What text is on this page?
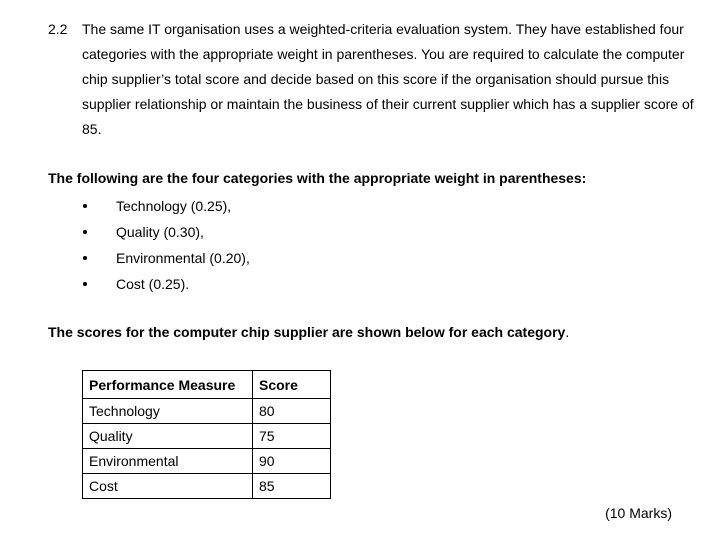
2.2 The same IT organisation uses a weighted-criteria evaluation system. They have established four categories with the appropriate weight in parentheses. You are required to calculate the computer chip supplier’s total score and decide based on this score if the organisation should pursue this supplier relationship or maintain the business of their current supplier which has a supplier score of 85.
The following are the four categories with the appropriate weight in parentheses:
Technology (0.25),
Quality (0.30),
Environmental (0.20),
Cost (0.25).
The scores for the computer chip supplier are shown below for each category.
Performance Measure	Score
Technology	80
Quality	75
Environmental	90
Cost	85
(10 Marks)
